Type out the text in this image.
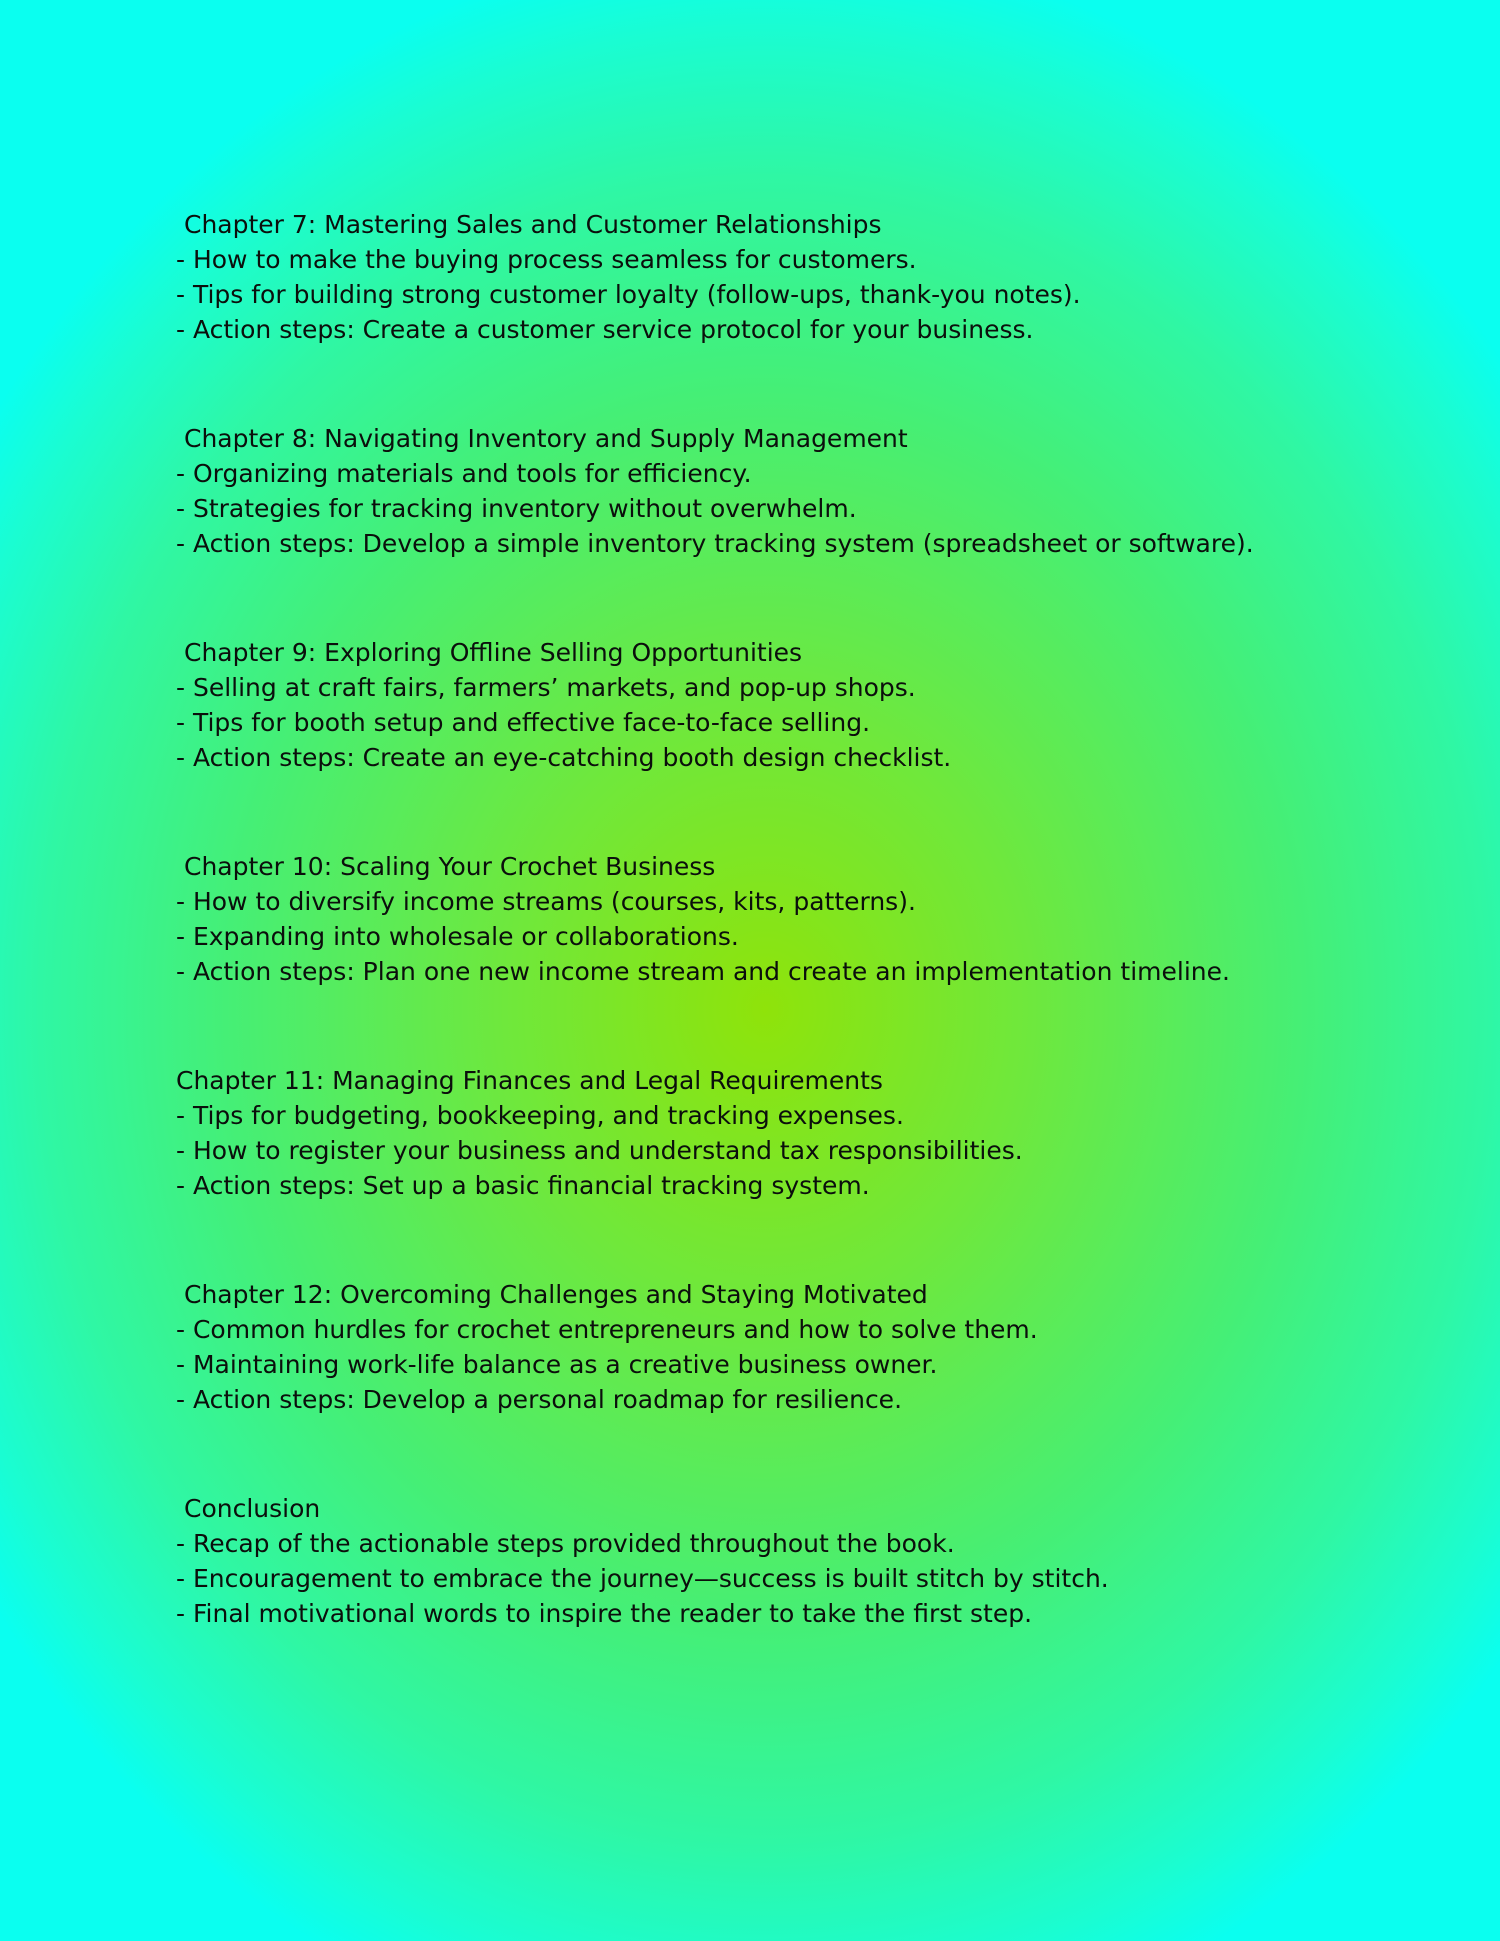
Chapter 7: Mastering Sales and Customer Relationships
- How to make the buying process seamless for customers.
- Tips for building strong customer loyalty (follow-ups, thank-you notes).
- Action steps: Create a customer service protocol for your business.
Chapter 8: Navigating Inventory and Supply Management
- Organizing materials and tools for efficiency.
- Strategies for tracking inventory without overwhelm.
- Action steps: Develop a simple inventory tracking system (spreadsheet or software).
Chapter 9: Exploring Offline Selling Opportunities
- Selling at craft fairs, farmers’ markets, and pop-up shops.
- Tips for booth setup and effective face-to-face selling.
- Action steps: Create an eye-catching booth design checklist.
Chapter 10: Scaling Your Crochet Business
- How to diversify income streams (courses, kits, patterns).
- Expanding into wholesale or collaborations.
- Action steps: Plan one new income stream and create an implementation timeline.
Chapter 11: Managing Finances and Legal Requirements
- Tips for budgeting, bookkeeping, and tracking expenses.
- How to register your business and understand tax responsibilities.
- Action steps: Set up a basic financial tracking system.
Chapter 12: Overcoming Challenges and Staying Motivated
- Common hurdles for crochet entrepreneurs and how to solve them.
- Maintaining work-life balance as a creative business owner.
- Action steps: Develop a personal roadmap for resilience.
Conclusion
- Recap of the actionable steps provided throughout the book.
- Encouragement to embrace the journey—success is built stitch by stitch.
- Final motivational words to inspire the reader to take the first step.
